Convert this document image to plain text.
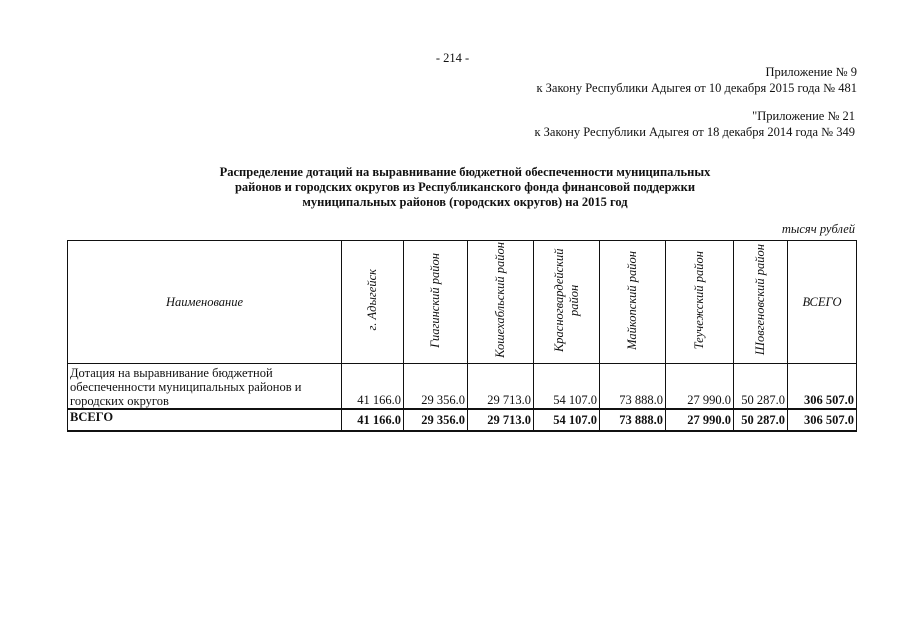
- 214 -
Приложение № 9
к Закону Республики Адыгея от 10 декабря 2015 года № 481
"Приложение № 21
к Закону Республики Адыгея от 18 декабря 2014 года № 349
Распределение дотаций на выравнивание бюджетной обеспеченности муниципальных
районов и городских округов из Республиканского фонда финансовой поддержки
муниципальных районов (городских округов) на 2015 год
тысяч рублей
Наименование	г. Адыгейск	Гиагинский район	Кошехабльский район	Красногвардейский район	Майкопский район	Теучежский район	Шовгеновский район	ВСЕГО
Дотация на выравнивание бюджетной обеспеченности муниципальных районов и городских округов	41 166.0	29 356.0	29 713.0	54 107.0	73 888.0	27 990.0	50 287.0	306 507.0
ВСЕГО	41 166.0	29 356.0	29 713.0	54 107.0	73 888.0	27 990.0	50 287.0	306 507.0
